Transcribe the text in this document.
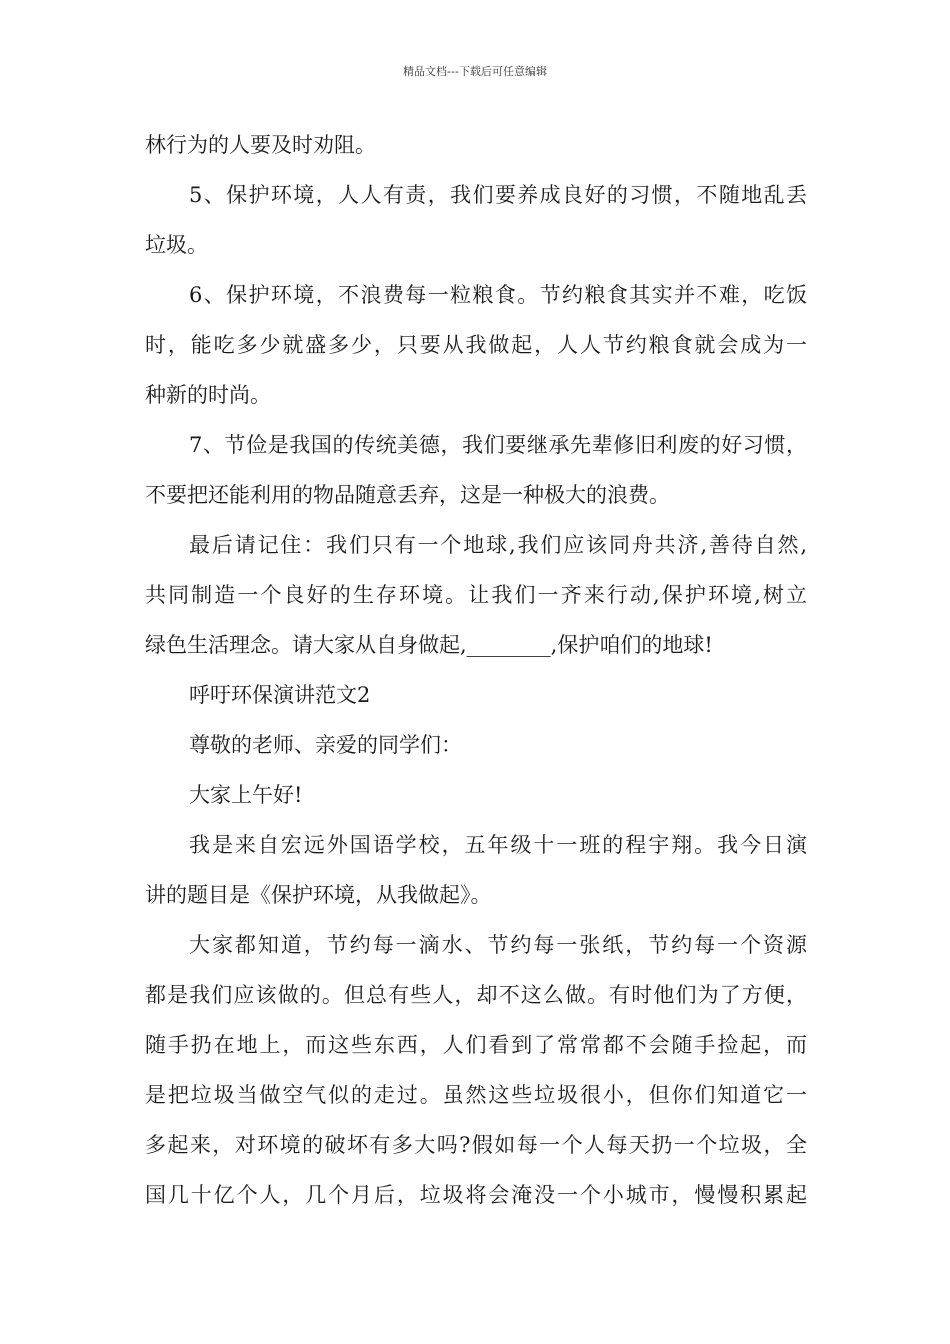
精品文档---下载后可任意编辑
林行为的人要及时劝阻。
5、保护环境，人人有责，我们要养成良好的习惯，不随地乱丢
垃圾。
6、保护环境，不浪费每一粒粮食。节约粮食其实并不难，吃饭
时，能吃多少就盛多少，只要从我做起，人人节约粮食就会成为一
种新的时尚。
7、节俭是我国的传统美德，我们要继承先辈修旧利废的好习惯，
不要把还能利用的物品随意丢弃，这是一种极大的浪费。
最后请记住：我们只有一个地球,我们应该同舟共济,善待自然,
共同制造一个良好的生存环境。让我们一齐来行动,保护环境,树立
绿色生活理念。请大家从自身做起,________,保护咱们的地球!
呼吁环保演讲范文2
尊敬的老师、亲爱的同学们：
大家上午好!
我是来自宏远外国语学校，五年级十一班的程宇翔。我今日演
讲的题目是《保护环境，从我做起》。
大家都知道，节约每一滴水、节约每一张纸，节约每一个资源
都是我们应该做的。但总有些人，却不这么做。有时他们为了方便，
随手扔在地上，而这些东西，人们看到了常常都不会随手捡起，而
是把垃圾当做空气似的走过。虽然这些垃圾很小，但你们知道它一
多起来，对环境的破坏有多大吗?假如每一个人每天扔一个垃圾，全
国几十亿个人，几个月后，垃圾将会淹没一个小城市，慢慢积累起
